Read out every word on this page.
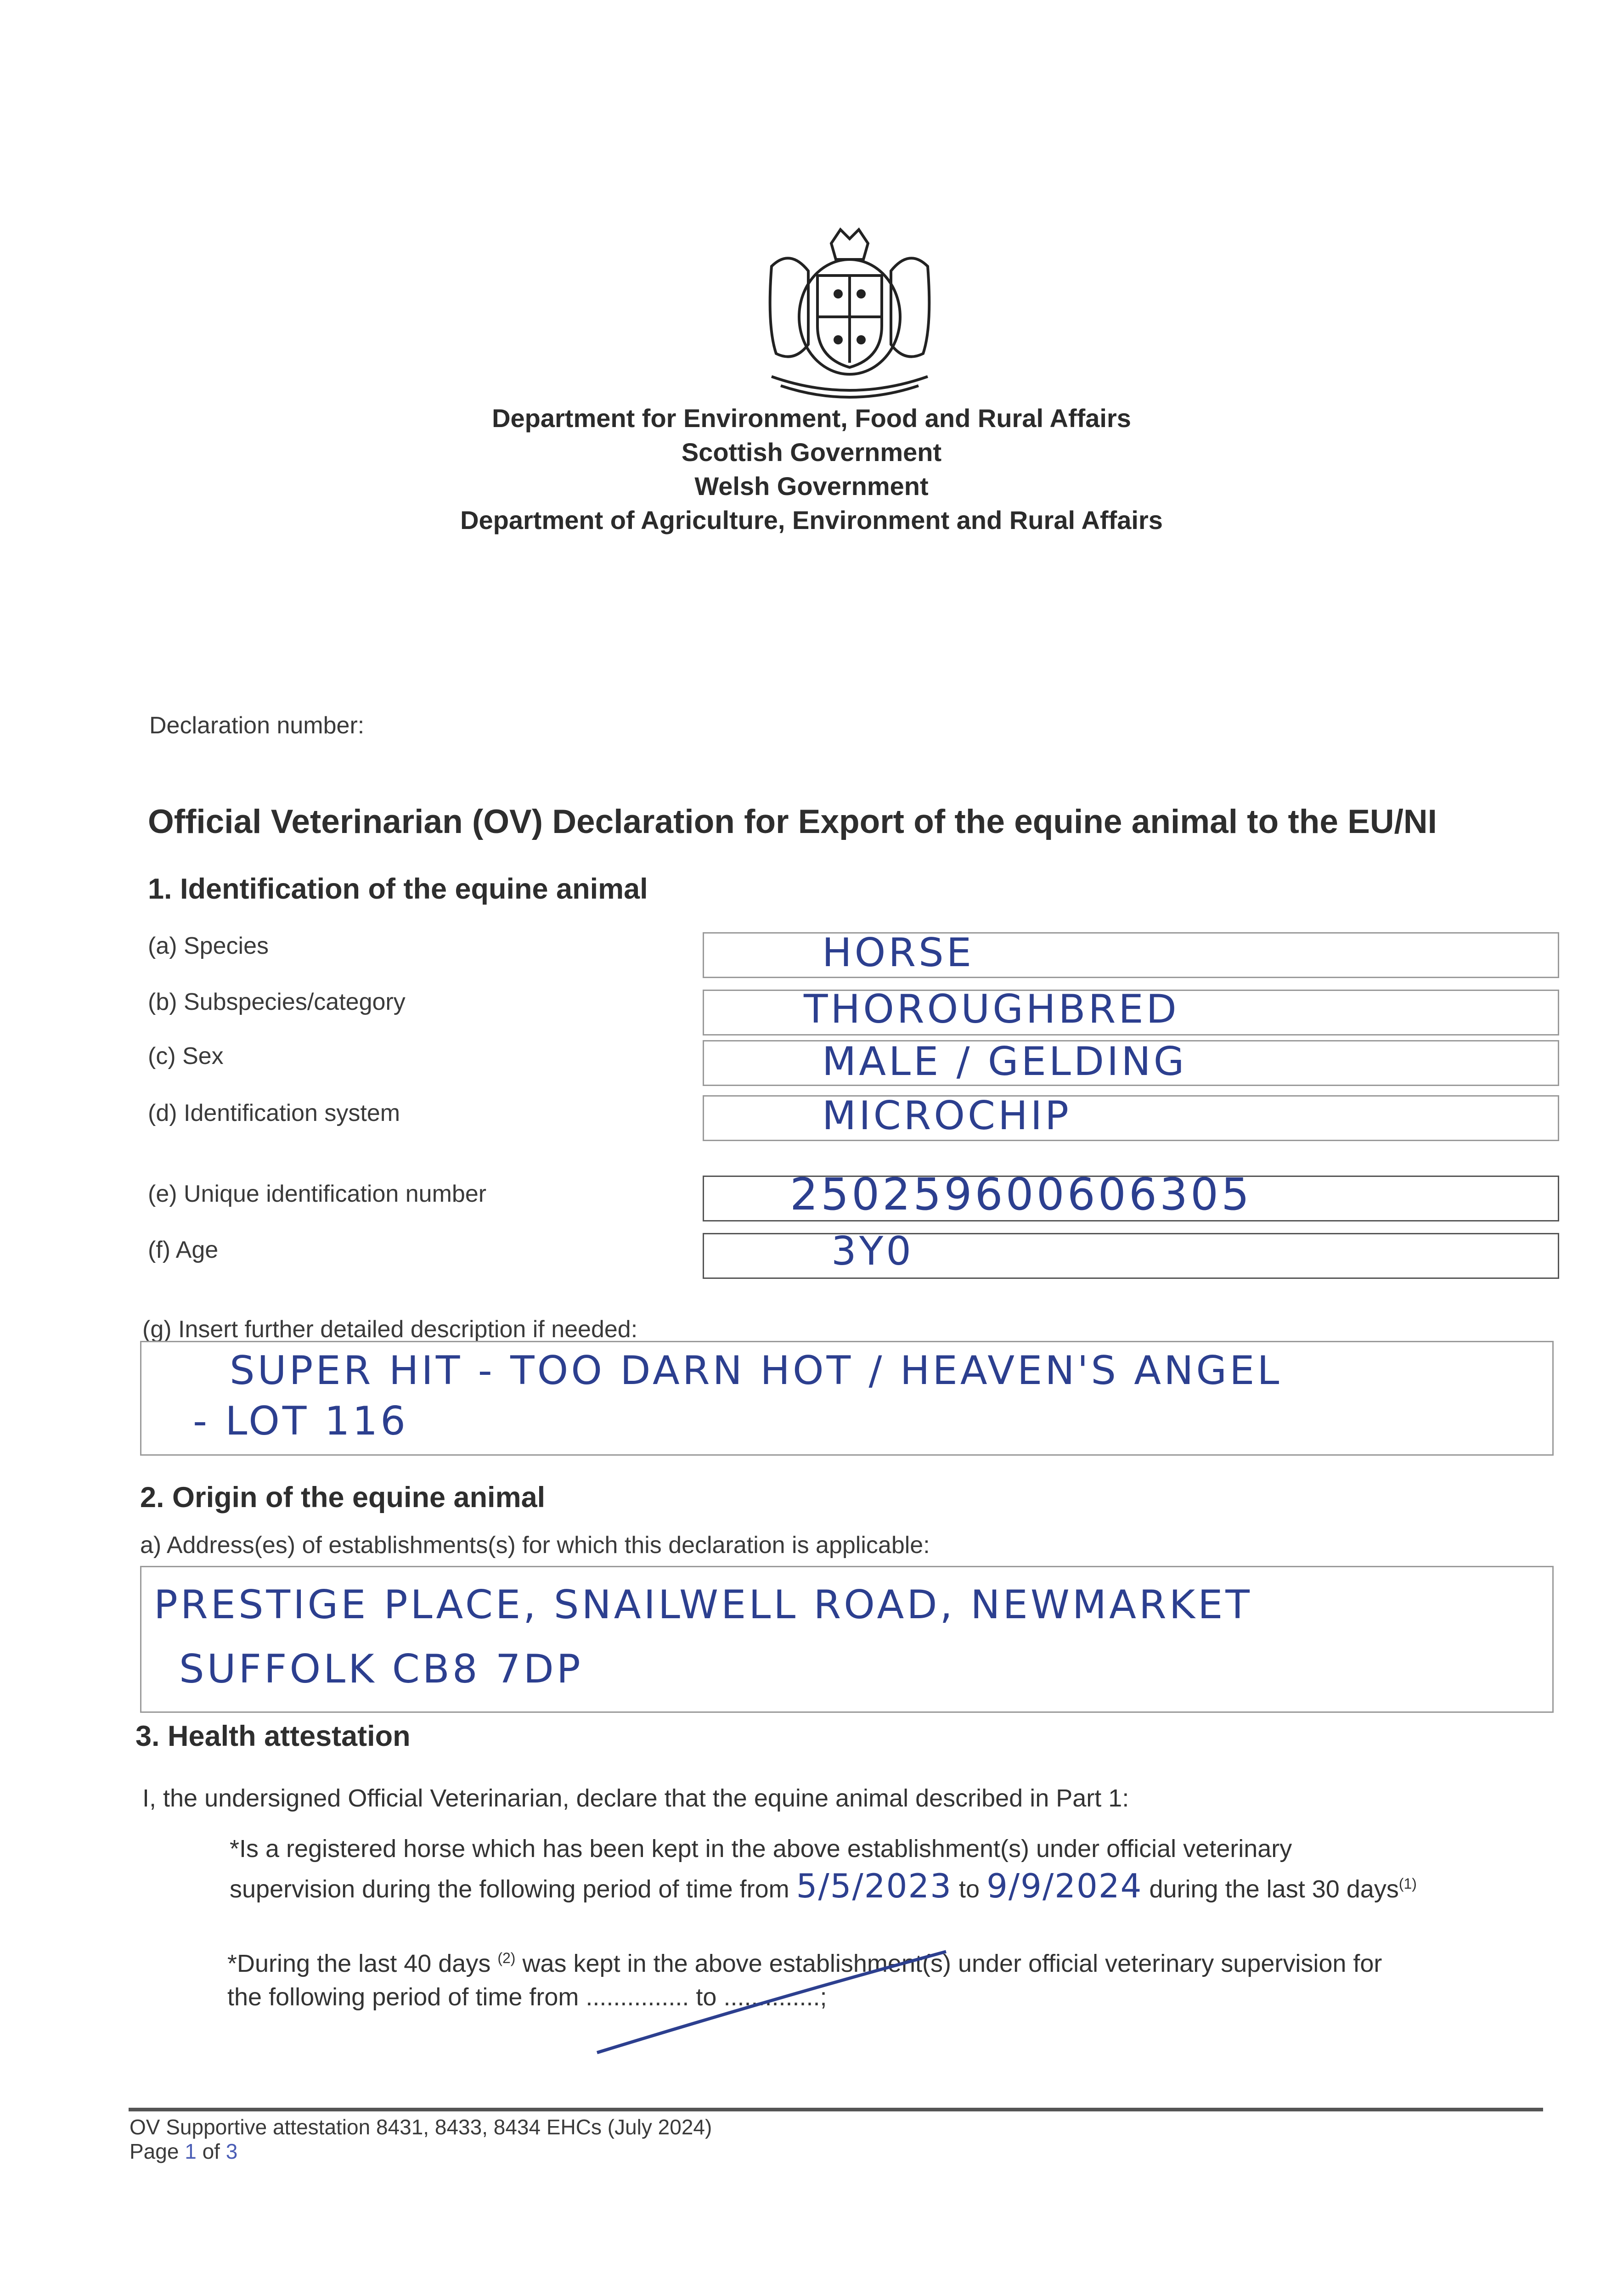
Department for Environment, Food and Rural Affairs
Scottish Government
Welsh Government
Department of Agriculture, Environment and Rural Affairs
Declaration number:
Official Veterinarian (OV) Declaration for Export of the equine animal to the EU/NI
1. Identification of the equine animal
(a) Species	HORSE
(b) Subspecies/category	THOROUGHBRED
(c) Sex	MALE / GELDING
(d) Identification system	MICROCHIP
(e) Unique identification number	250259600606305
(f) Age	3Y0
(g) Insert further detailed description if needed:
SUPER HIT - TOO DARN HOT / HEAVEN'S ANGEL
- LOT 116
2. Origin of the equine animal
a) Address(es) of establishments(s) for which this declaration is applicable:
PRESTIGE PLACE, SNAILWELL ROAD, NEWMARKET
SUFFOLK CB8 7DP
3. Health attestation
I, the undersigned Official Veterinarian, declare that the equine animal described in Part 1:
*Is a registered horse which has been kept in the above establishment(s) under official veterinary
supervision during the following period of time from 5/5/2023 to 9/9/2024 during the last 30 days$^{(1)}$
*During the last 40 days $^{(2)}$ was kept in the above establishment(s) under official veterinary supervision for
the following period of time from ............... to ..............;
OV Supportive attestation 8431, 8433, 8434 EHCs (July 2024)
Page 1 of 3
